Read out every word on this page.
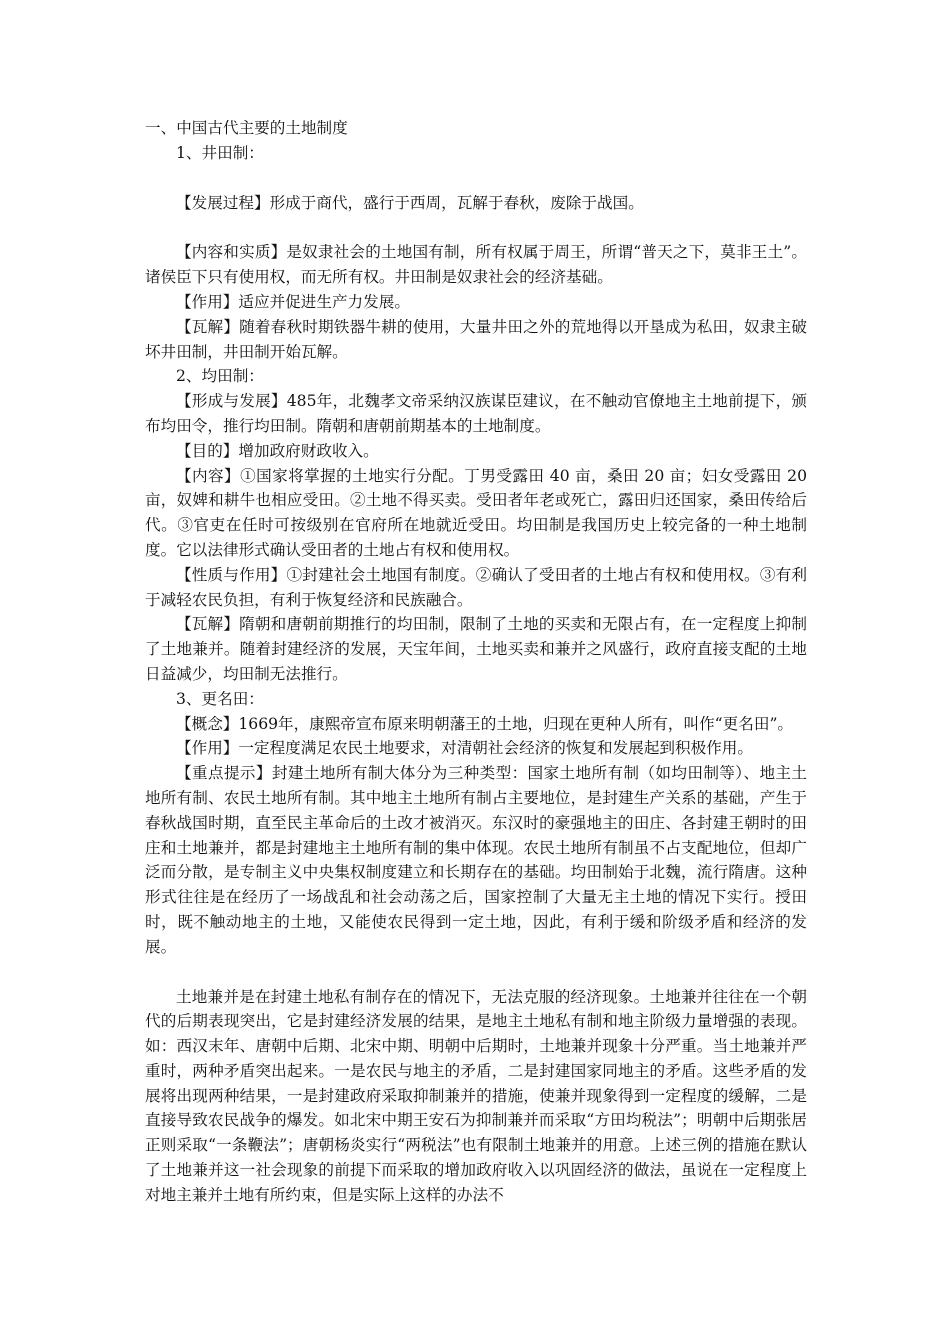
一、中国古代主要的土地制度

1、井田制：

【发展过程】形成于商代，盛行于西周，瓦解于春秋，废除于战国。

【内容和实质】是奴隶社会的土地国有制，所有权属于周王，所谓“普天之下，莫非王土”。诸侯臣下只有使用权，而无所有权。井田制是奴隶社会的经济基础。

【作用】适应并促进生产力发展。

【瓦解】随着春秋时期铁器牛耕的使用，大量井田之外的荒地得以开垦成为私田，奴隶主破坏井田制，井田制开始瓦解。

2、均田制：

【形成与发展】485年，北魏孝文帝采纳汉族谋臣建议，在不触动官僚地主土地前提下，颁布均田令，推行均田制。隋朝和唐朝前期基本的土地制度。

【目的】增加政府财政收入。

【内容】①国家将掌握的土地实行分配。丁男受露田 40 亩，桑田 20 亩；妇女受露田 20 亩，奴婢和耕牛也相应受田。②土地不得买卖。受田者年老或死亡，露田归还国家，桑田传给后代。③官吏在任时可按级别在官府所在地就近受田。均田制是我国历史上较完备的一种土地制度。它以法律形式确认受田者的土地占有权和使用权。

【性质与作用】①封建社会土地国有制度。②确认了受田者的土地占有权和使用权。③有利于减轻农民负担，有利于恢复经济和民族融合。

【瓦解】隋朝和唐朝前期推行的均田制，限制了土地的买卖和无限占有，在一定程度上抑制了土地兼并。随着封建经济的发展，天宝年间，土地买卖和兼并之风盛行，政府直接支配的土地日益减少，均田制无法推行。

3、更名田：

【概念】1669年，康熙帝宣布原来明朝藩王的土地，归现在更种人所有，叫作“更名田”。

【作用】一定程度满足农民土地要求，对清朝社会经济的恢复和发展起到积极作用。

【重点提示】封建土地所有制大体分为三种类型：国家土地所有制（如均田制等）、地主土地所有制、农民土地所有制。其中地主土地所有制占主要地位，是封建生产关系的基础，产生于春秋战国时期，直至民主革命后的土改才被消灭。东汉时的豪强地主的田庄、各封建王朝时的田庄和土地兼并，都是封建地主土地所有制的集中体现。农民土地所有制虽不占支配地位，但却广泛而分散，是专制主义中央集权制度建立和长期存在的基础。均田制始于北魏，流行隋唐。这种形式往往是在经历了一场战乱和社会动荡之后，国家控制了大量无主土地的情况下实行。授田时，既不触动地主的土地，又能使农民得到一定土地，因此，有利于缓和阶级矛盾和经济的发展。

土地兼并是在封建土地私有制存在的情况下，无法克服的经济现象。土地兼并往往在一个朝代的后期表现突出，它是封建经济发展的结果，是地主土地私有制和地主阶级力量增强的表现。如：西汉末年、唐朝中后期、北宋中期、明朝中后期时，土地兼并现象十分严重。当土地兼并严重时，两种矛盾突出起来。一是农民与地主的矛盾，二是封建国家同地主的矛盾。这些矛盾的发展将出现两种结果，一是封建政府采取抑制兼并的措施，使兼并现象得到一定程度的缓解，二是直接导致农民战争的爆发。如北宋中期王安石为抑制兼并而采取“方田均税法”；明朝中后期张居正则采取“一条鞭法”；唐朝杨炎实行“两税法”也有限制土地兼并的用意。上述三例的措施在默认了土地兼并这一社会现象的前提下而采取的增加政府收入以巩固经济的做法，虽说在一定程度上对地主兼并土地有所约束，但是实际上这样的办法不
